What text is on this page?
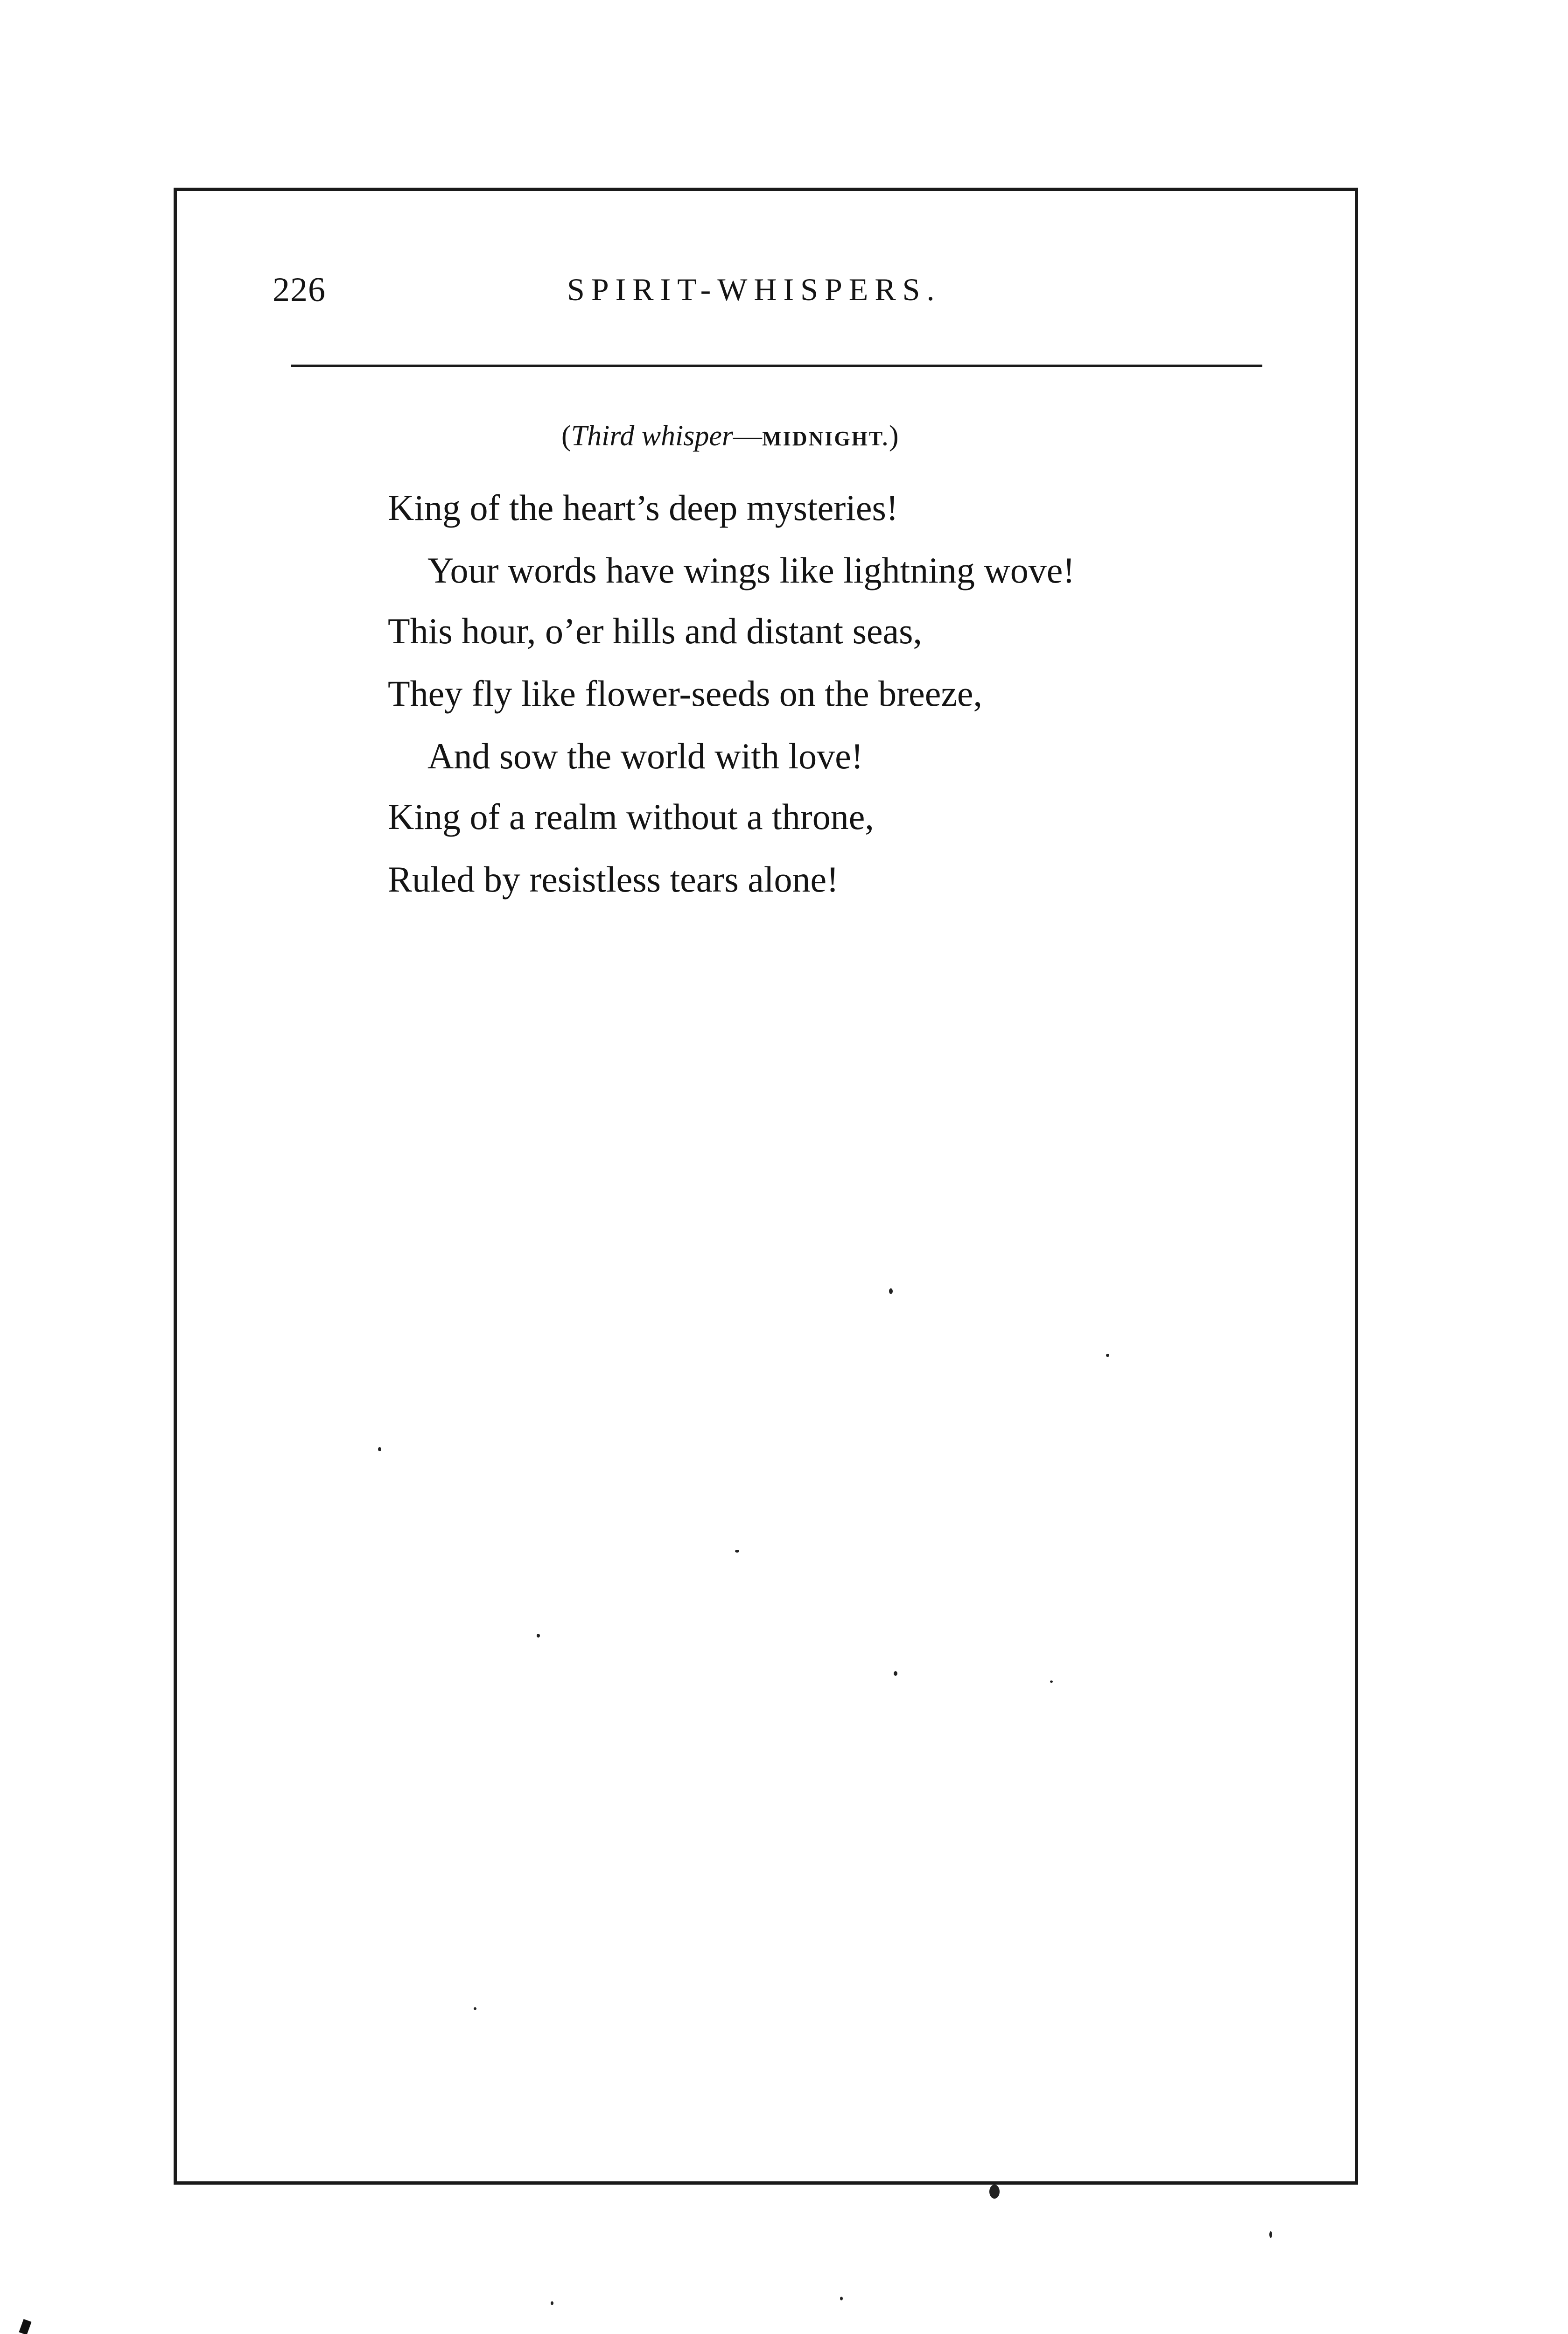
226	SPIRIT-WHISPERS.
(Third whisper—MIDNIGHT.)
King of the heart’s deep mysteries!
Your words have wings like lightning wove!
This hour, o’er hills and distant seas,
They fly like flower-seeds on the breeze,
And sow the world with love!
King of a realm without a throne,
Ruled by resistless tears alone!
